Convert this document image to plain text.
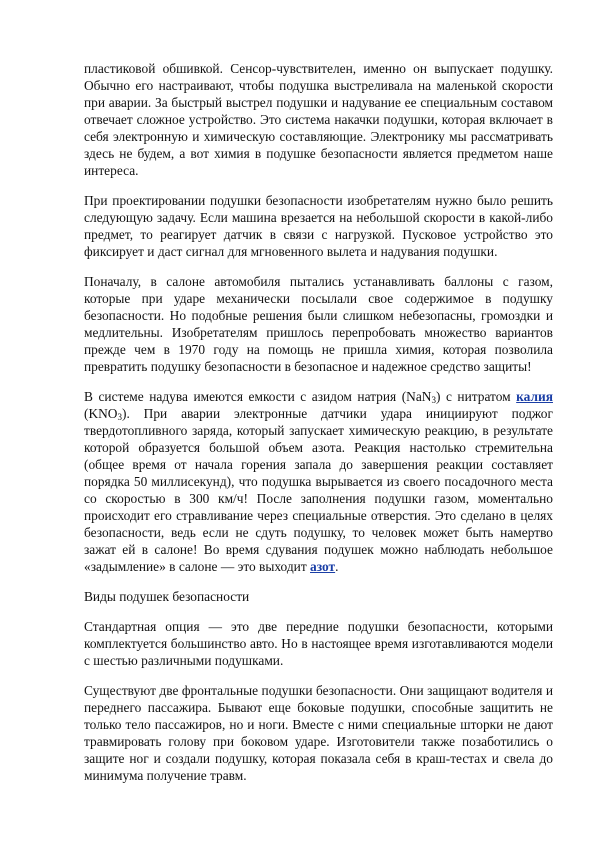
пластиковой обшивкой. Сенсор-чувствителен, именно он выпускает подушку. Обычно его настраивают, чтобы подушка выстреливала на маленькой скорости при аварии. За быстрый выстрел подушки и надувание ее специальным составом отвечает сложное устройство. Это система накачки подушки, которая включает в себя электронную и химическую составляющие. Электронику мы рассматривать здесь не будем, а вот химия в подушке безопасности является предметом наше интереса.

При проектировании подушки безопасности изобретателям нужно было решить следующую задачу. Если машина врезается на небольшой скорости в какой-либо предмет, то реагирует датчик в связи с нагрузкой. Пусковое устройство это фиксирует и даст сигнал для мгновенного вылета и надувания подушки.

Поначалу, в салоне автомобиля пытались устанавливать баллоны с газом, которые при ударе механически посылали свое содержимое в подушку безопасности. Но подобные решения были слишком небезопасны, громоздки и медлительны. Изобретателям пришлось перепробовать множество вариантов прежде чем в 1970 году на помощь не пришла химия, которая позволила превратить подушку безопасности в безопасное и надежное средство защиты!

В системе надува имеются емкости с азидом натрия (NaN$_3$) с нитратом калия $(KNO_3)$. При аварии электронные датчики удара инициируют поджог твердотопливного заряда, который запускает химическую реакцию, в результате которой образуется большой объем азота. Реакция настолько стремительна (общее время от начала горения запала до завершения реакции составляет порядка 50 миллисекунд), что подушка вырывается из своего посадочного места со скоростью в 300 км/ч! После заполнения подушки газом, моментально происходит его стравливание через специальные отверстия. Это сделано в целях безопасности, ведь если не сдуть подушку, то человек может быть намертво зажат ей в салоне! Во время сдувания подушек можно наблюдать небольшое «задымление» в салоне — это выходит азот.

Виды подушек безопасности

Стандартная опция — это две передние подушки безопасности, которыми комплектуется большинство авто. Но в настоящее время изготавливаются модели с шестью различными подушками.

Существуют две фронтальные подушки безопасности. Они защищают водителя и переднего пассажира. Бывают еще боковые подушки, способные защитить не только тело пассажиров, но и ноги. Вместе с ними специальные шторки не дают травмировать голову при боковом ударе. Изготовители также позаботились о защите ног и создали подушку, которая показала себя в краш-тестах и свела до минимума получение травм.
